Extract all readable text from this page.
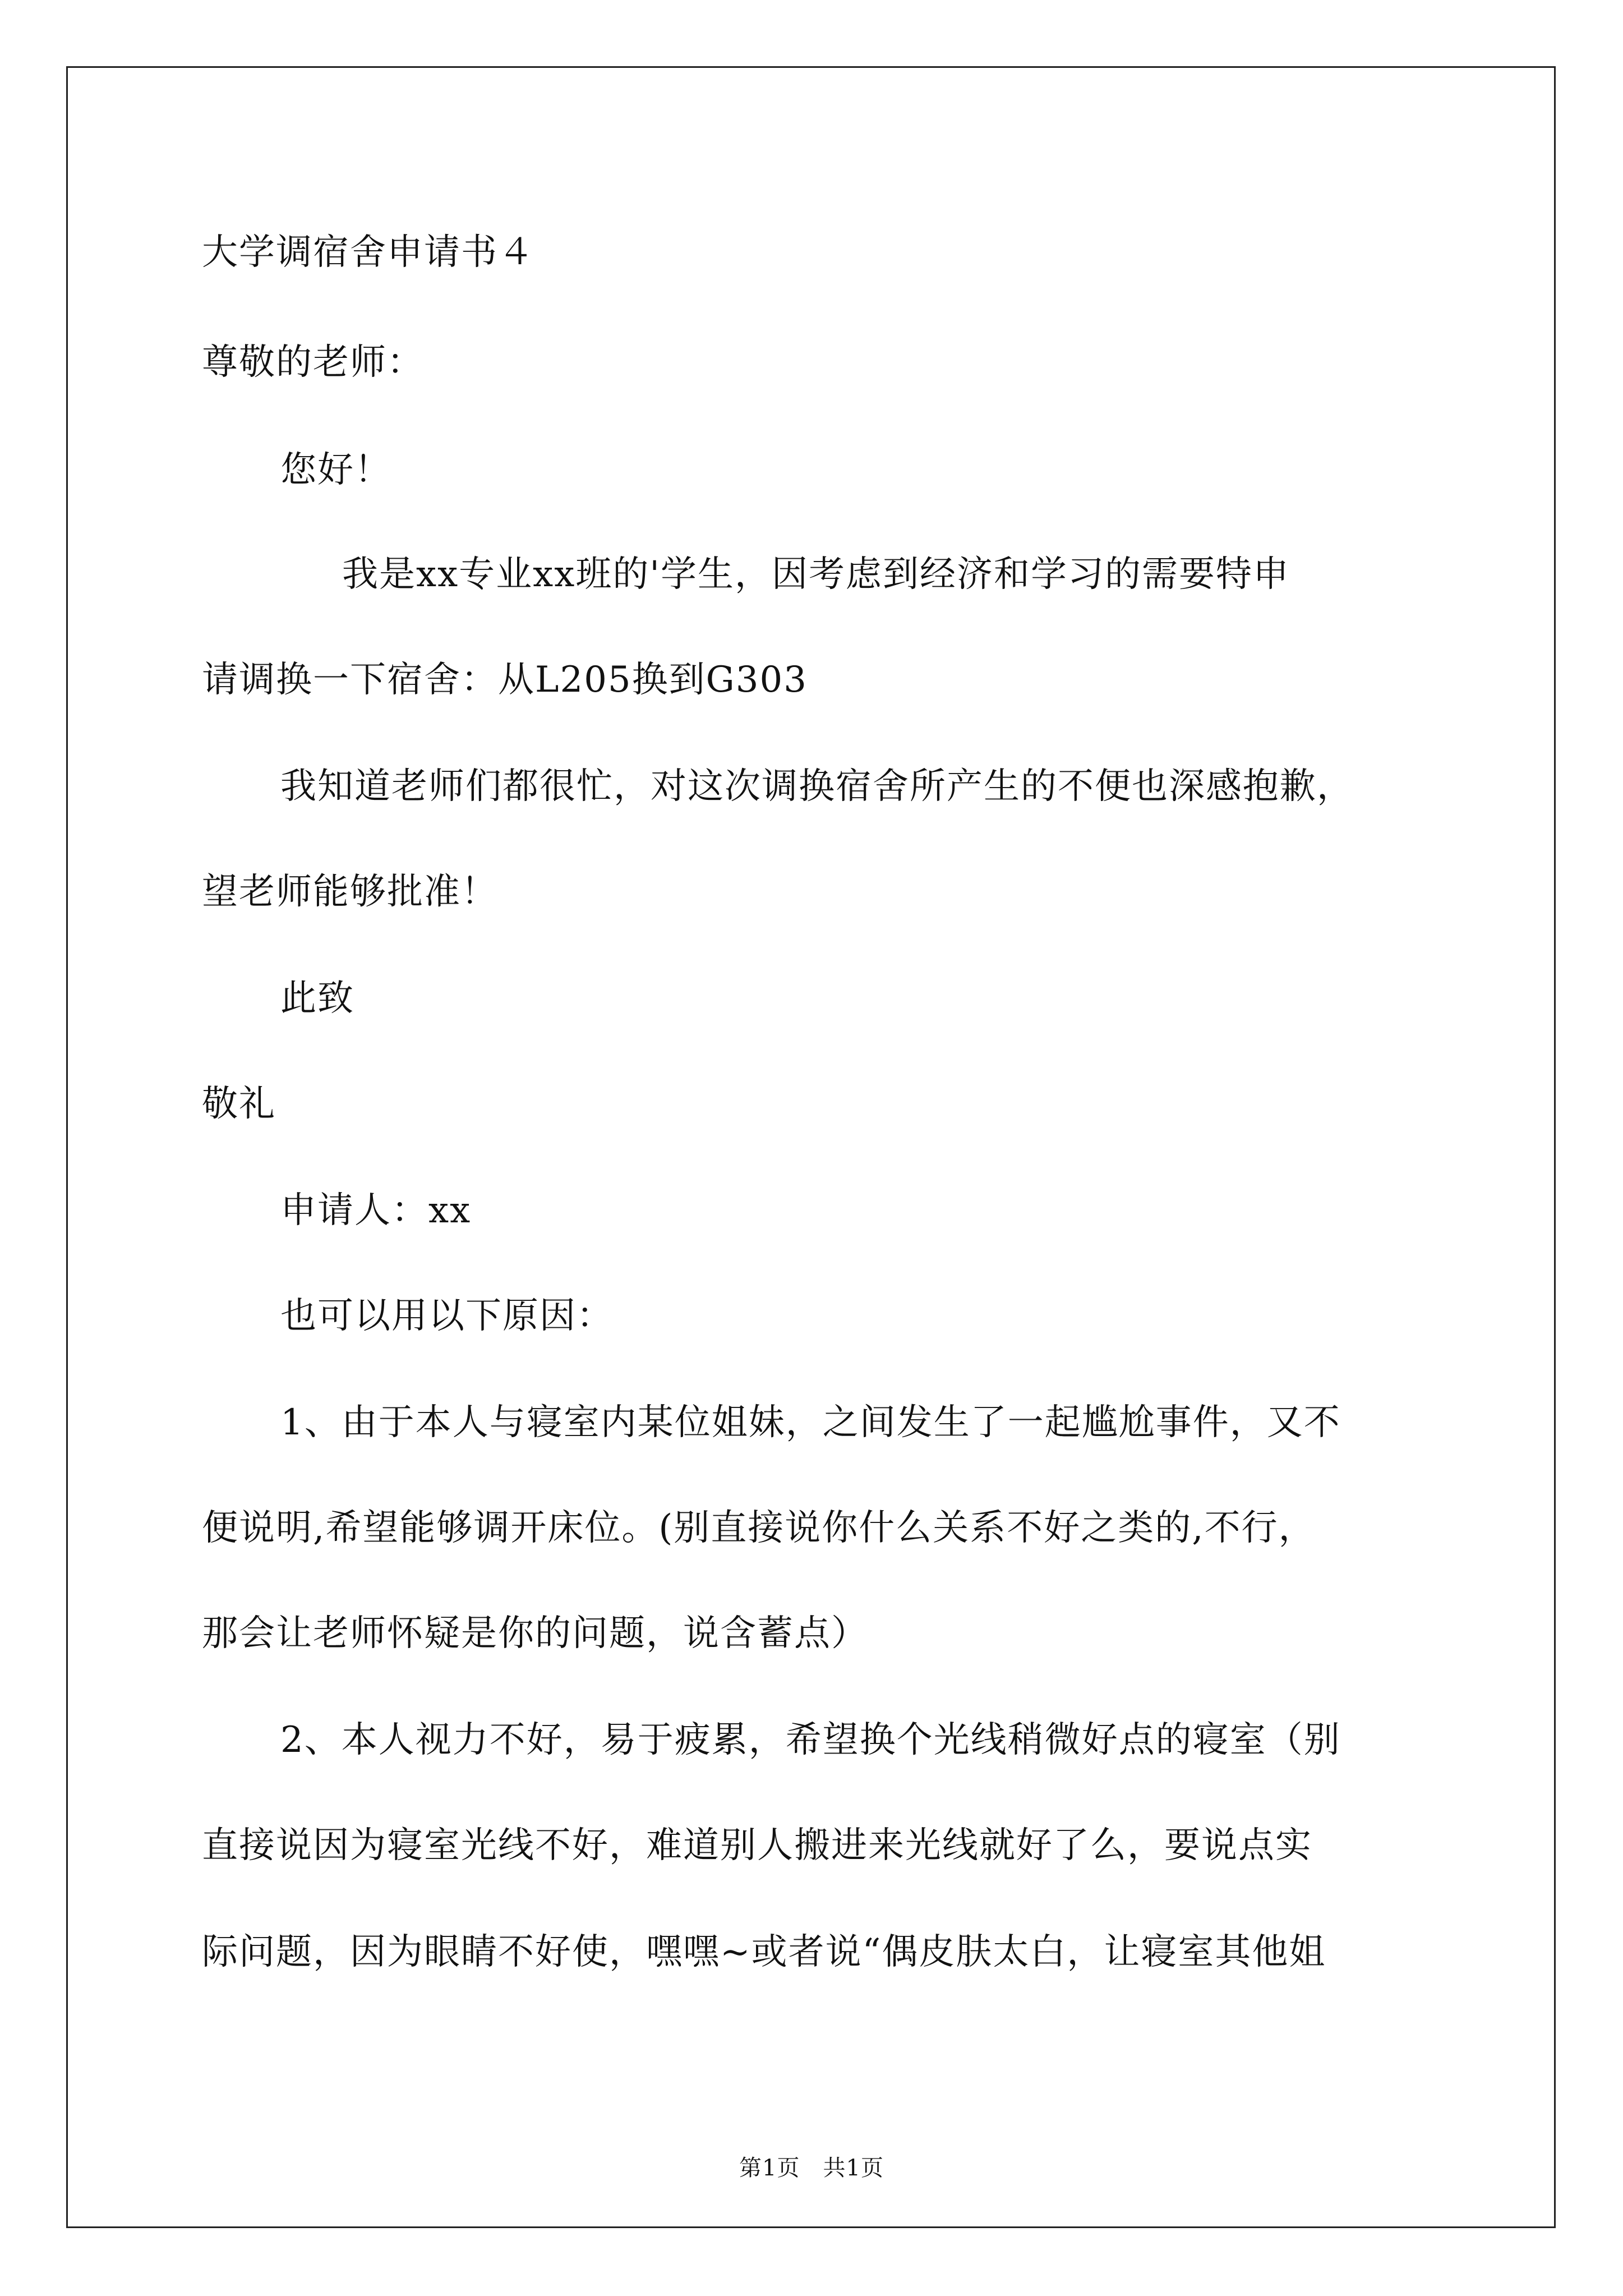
大学调宿舍申请书４
尊敬的老师：
您好！
我是xx专业xx班的'学生，因考虑到经济和学习的需要特申
请调换一下宿舍：从L205换到G303
我知道老师们都很忙，对这次调换宿舍所产生的不便也深感抱歉，
望老师能够批准！
此致
敬礼
申请人：xx
也可以用以下原因：
1、由于本人与寝室内某位姐妹，之间发生了一起尴尬事件，又不
便说明,希望能够调开床位。(别直接说你什么关系不好之类的,不行，
那会让老师怀疑是你的问题，说含蓄点）
2、本人视力不好，易于疲累，希望换个光线稍微好点的寝室（别
直接说因为寝室光线不好，难道别人搬进来光线就好了么，要说点实
际问题，因为眼睛不好使，嘿嘿~或者说“偶皮肤太白，让寝室其他姐
第1页　共1页
